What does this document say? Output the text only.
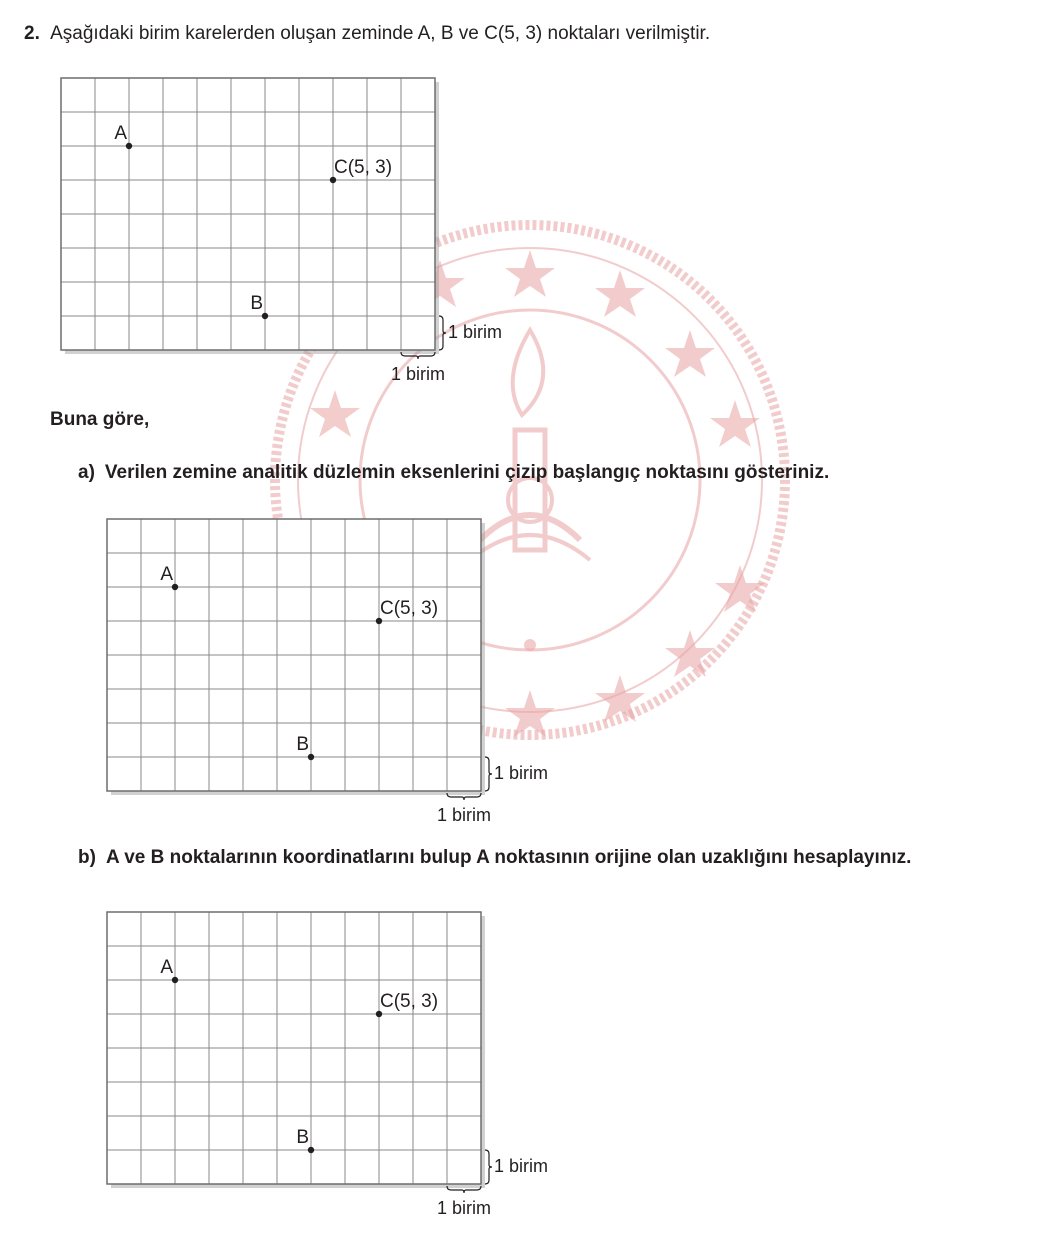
2. Aşağıdaki birim karelerden oluşan zeminde A, B ve C(5, 3) noktaları verilmiştir.
A
C(5, 3)
B
1 birim
1 birim
Buna göre,
a) Verilen zemine analitik düzlemin eksenlerini çizip başlangıç noktasını gösteriniz.
A
C(5, 3)
B
1 birim
1 birim
b) A ve B noktalarının koordinatlarını bulup A noktasının orijine olan uzaklığını hesaplayınız.
A
C(5, 3)
B
1 birim
1 birim
